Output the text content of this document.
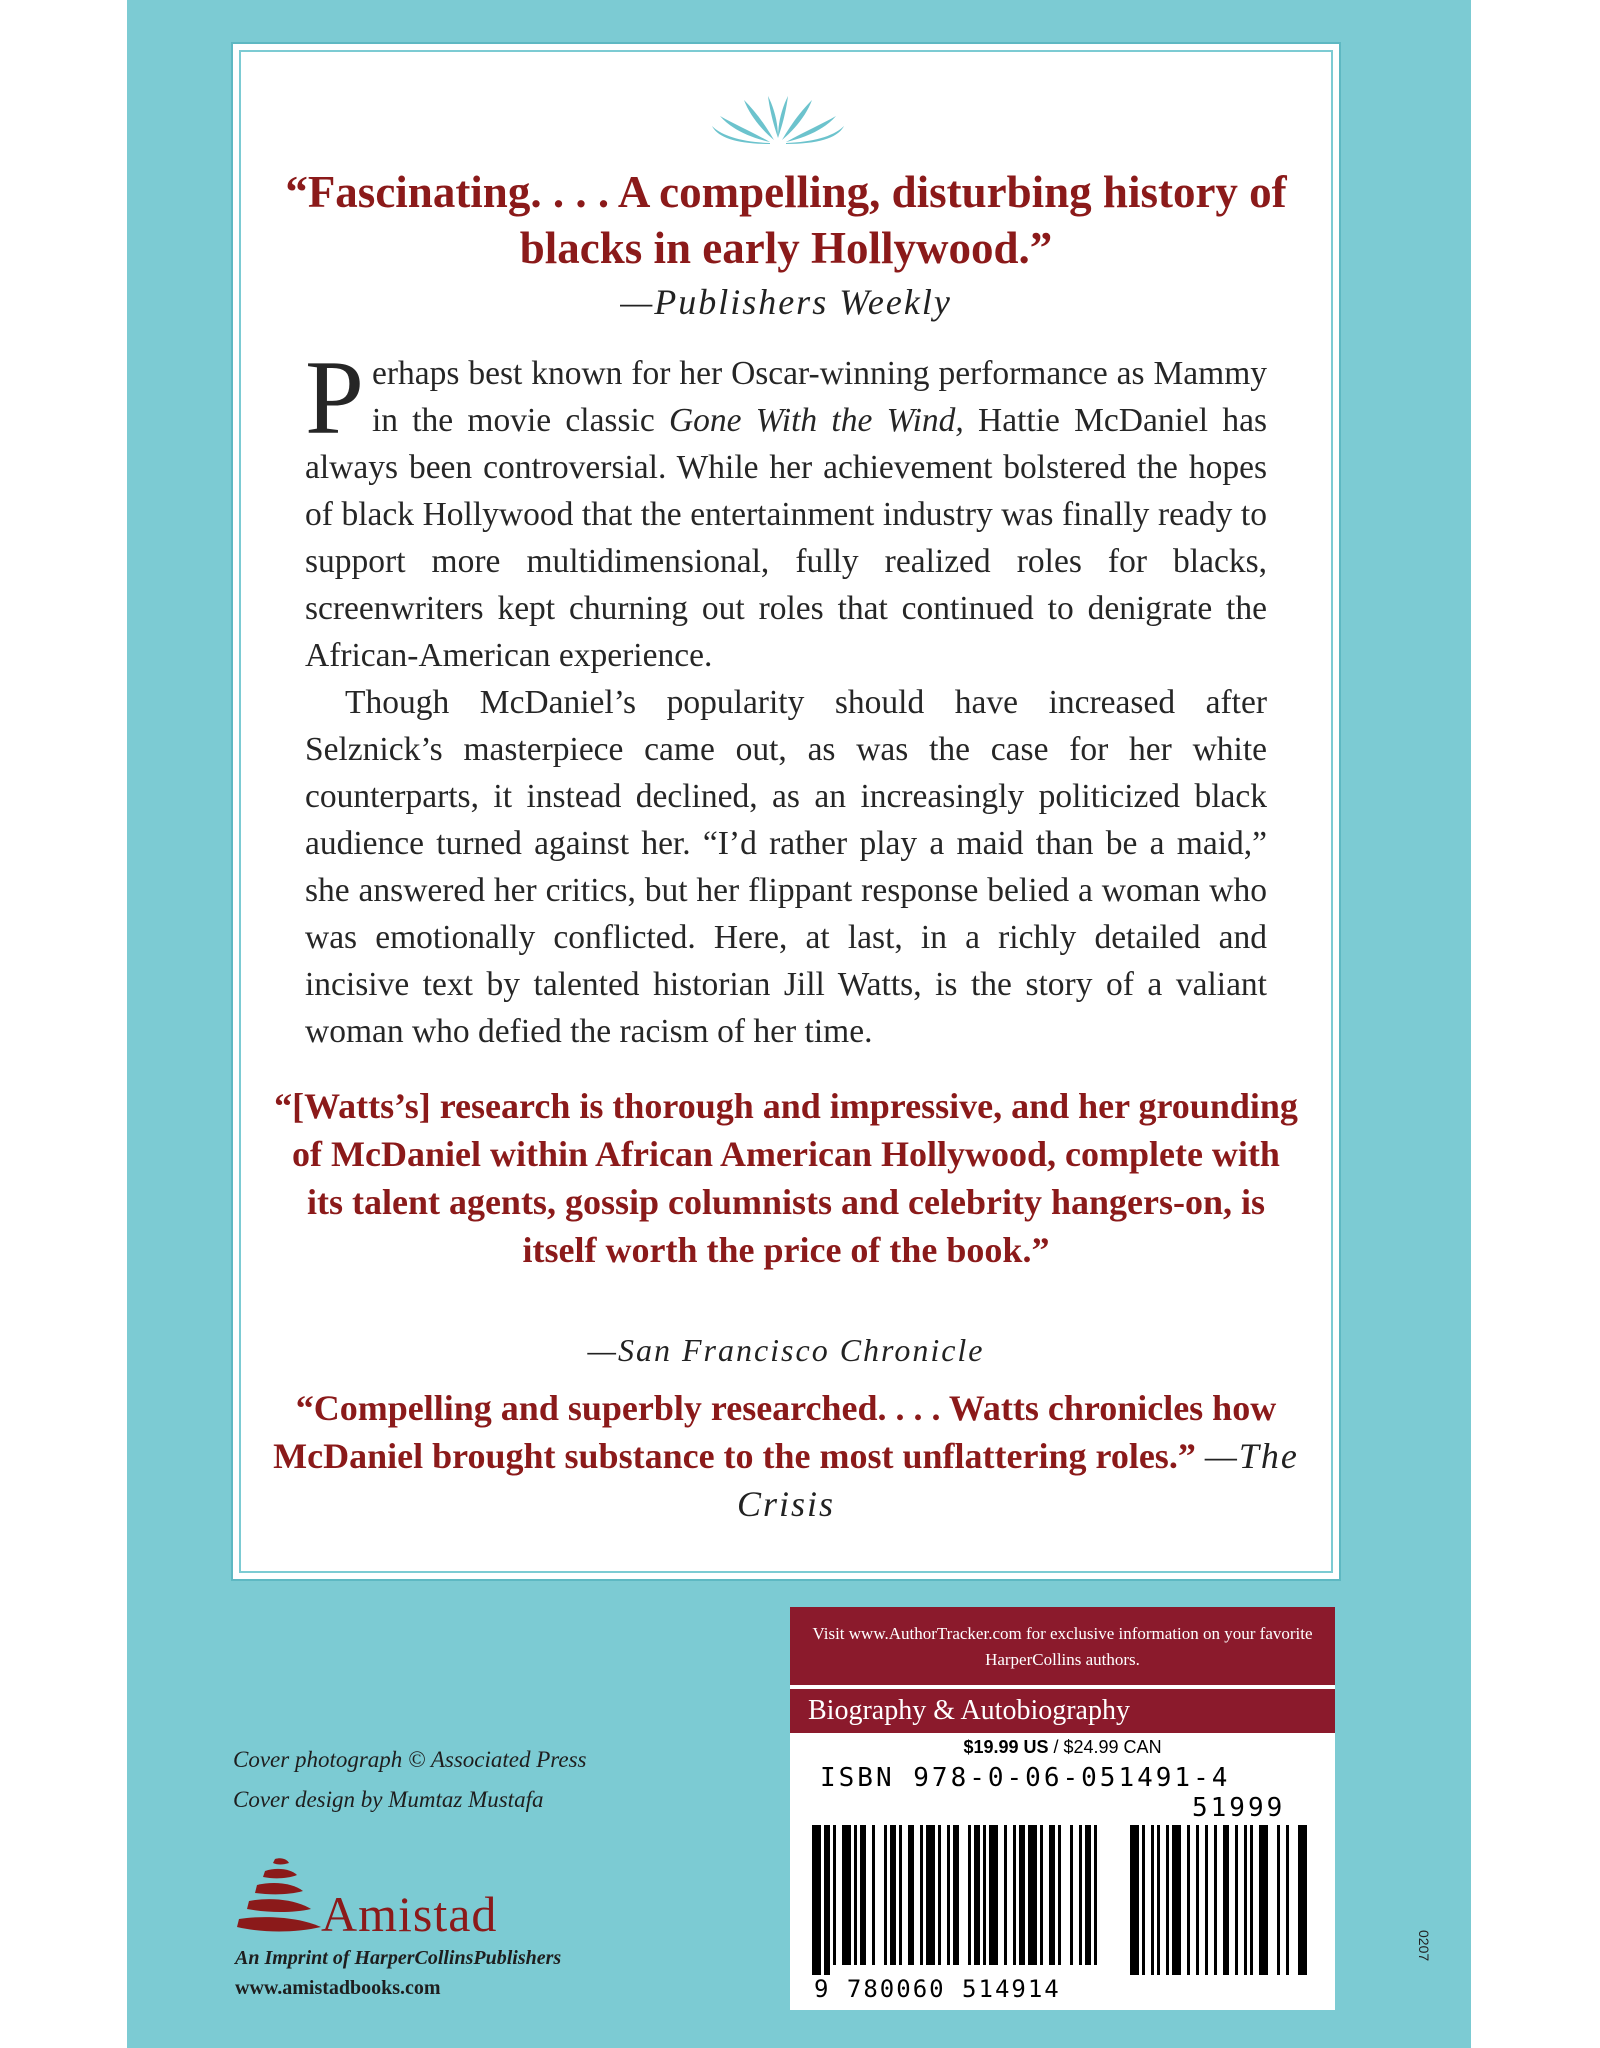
“Fascinating. . . . A compelling, disturbing history of blacks in early Hollywood.”

—Publishers Weekly

Perhaps best known for her Oscar-winning performance as Mammy in the movie classic Gone With the Wind, Hattie McDaniel has always been controversial. While her achievement bolstered the hopes of black Hollywood that the entertainment industry was finally ready to support more multidimensional, fully realized roles for blacks, screenwriters kept churning out roles that continued to denigrate the African-American experience.

Though McDaniel’s popularity should have increased after Selznick’s masterpiece came out, as was the case for her white counterparts, it instead declined, as an increasingly politicized black audience turned against her. “I’d rather play a maid than be a maid,” she answered her critics, but her flippant response belied a woman who was emotionally conflicted. Here, at last, in a richly detailed and incisive text by talented historian Jill Watts, is the story of a valiant woman who defied the racism of her time.

“[Watts’s] research is thorough and impressive, and her grounding of McDaniel within African American Hollywood, complete with its talent agents, gossip columnists and celebrity hangers-on, is itself worth the price of the book.”

—San Francisco Chronicle

“Compelling and superbly researched. . . . Watts chronicles how McDaniel brought substance to the most unflattering roles.” —The Crisis

Cover photograph © Associated Press
Cover design by Mumtaz Mustafa
Amistad
An Imprint of HarperCollinsPublishers
www.amistadbooks.com
Visit www.AuthorTracker.com for exclusive information on your favorite HarperCollins authors.
Biography & Autobiography
$19.99 US / $24.99 CAN
ISBN 978-0-06-051491-4
51999
9 780060 514914
0207
